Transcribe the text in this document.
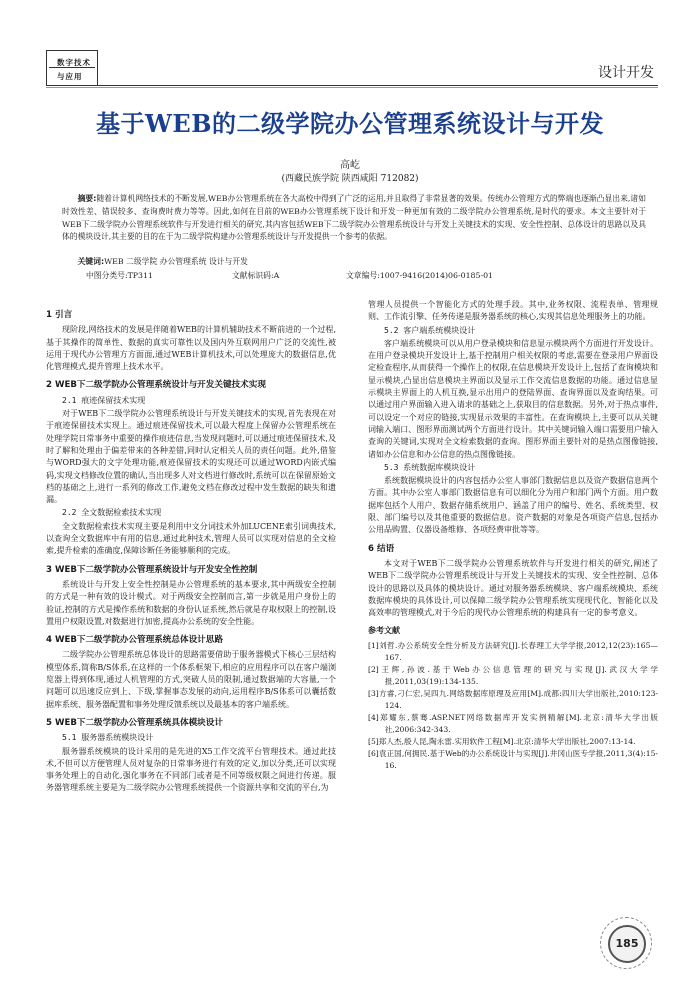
数字技术
与应用	设计开发
基于WEB的二级学院办公管理系统设计与开发
高屹
(西藏民族学院 陕西咸阳 712082)
摘要:随着计算机网络技术的不断发展,WEB办公管理系统在各大高校中得到了广泛的运用,并且取得了非常显著的效果。传统办公管理方式的弊端也逐渐凸显出来,诸如时效性差、错误较多、查询费时费力等等。因此,如何在目前的WEB办公管理系统下设计和开发一种更加有效的二级学院办公管理系统,是时代的要求。本文主要针对于WEB下二级学院办公管理系统软件与开发进行相关的研究,其内容包括WEB下二级学院办公管理系统设计与开发上关键技术的实现、安全性控制、总体设计的思路以及具体的模块设计,其主要的目的在于为二级学院构建办公管理系统设计与开发提供一个参考的依据。
关键词:WEB 二级学院 办公管理系统 设计与开发
中图分类号:TP311	文献标识码:A	文章编号:1007-9416(2014)06-0185-01
1 引言

现阶段,网络技术的发展是伴随着WEB的计算机辅助技术不断前进的一个过程,基于其操作的简单性、数据的真实可靠性以及国内外互联网用户广泛的交流性,被运用于现代办公管理方方面面,通过WEB计算机技术,可以处理庞大的数据信息,优化管理模式,提升管理上技术水平。

2 WEB下二级学院办公管理系统设计与开发关键技术实现
2.1 痕迹保留技术实现

对于WEB下二级学院办公管理系统设计与开发关键技术的实现,首先表现在对于痕迹保留技术实现上。通过痕迹保留技术,可以最大程度上保留办公管理系统在处理学院日常事务中重要的操作痕迹信息,当发现问题时,可以通过痕迹保留技术,及时了解和处理由于偏差带来的各种差错,同时认定相关人员的责任问题。此外,借鉴与WORD强大的文字处理功能,痕迹保留技术的实现还可以通过WORD内嵌式编码,实现文档修改位置的确认,当出现多人对文档进行修改时,系统可以在保留原始文档的基础之上,进行一系列的修改工作,避免文档在修改过程中发生数据的缺失和遗漏。

2.2 全文数据检索技术实现

全文数据检索技术实现主要是利用中文分词技术外加LUCENE索引词典技术,以查询全文数据库中有用的信息,通过此种技术,管理人员可以实现对信息的全文检索,提升检索的准确度,保障诊断任务能够顺利的完成。

3 WEB下二级学院办公管理系统设计与开发安全性控制

系统设计与开发上安全性控制是办公管理系统的基本要求,其中两级安全控制的方式是一种有效的设计模式。对于两级安全控制而言,第一步就是用户身份上的验证,控制的方式是操作系统和数据的身份认证系统,然后就是存取权限上的控制,设置用户权限设置,对数据进行加密,提高办公系统的安全性能。

4 WEB下二级学院办公管理系统总体设计思路

二级学院办公管理系统总体设计的思路需要借助于服务器模式下核心三层结构模型体系,简称B/S体系,在这样的一个体系框架下,相应的应用程序可以在客户端浏览器上得到体现,通过人机管理的方式,突破人员的限制,通过数据端的大容量,一个问题可以迅速反应到上、下级,掌握事态发展的动向,运用程序B/S体系可以囊括数据库系统、服务器配置和事务处理反馈系统以及最基本的客户端系统。

5 WEB下二级学院办公管理系统具体模块设计
5.1 服务器系统模块设计

服务器系统模块的设计采用的是先进的X5工作交流平台管理技术。通过此技术,不但可以方便管理人员对复杂的日常事务进行有效的定义,加以分类,还可以实现事务处理上的自动化,强化事务在不同部门或者是不同等级权限之间进行传递。服务器管理系统主要是为二级学院办公管理系统提供一个资源共享和交流的平台,为

管理人员提供一个智能化方式的处理手段。其中,业务权限、流程表单、管理规则、工作流引擎、任务传递是服务器系统的核心,实现其信息处理服务上的功能。

5.2 客户端系统模块设计

客户端系统模块可以从用户登录模块和信息显示模块两个方面进行开发设计。在用户登录模块开发设计上,基于控制用户相关权限的考虑,需要在登录用户界面设定检查程序,从而获得一个操作上的权限,在信息模块开发设计上,包括了查询模块和显示模块,凸显出信息模块主界面以及显示工作交流信息数据的功能。通过信息显示模块主界面上的人机互换,显示出用户的登陆界面、查询界面以及查询结果。可以通过用户界面输入进入请求的基础之上,获取目的信息数据。另外,对于热点事件,可以设定一个对应的链接,实现显示效果的丰富性。在查询模块上,主要可以从关键词输入端口、图形界面测试两个方面进行设计。其中关键词输入端口需要用户输入查询的关键词,实现对全文检索数据的查询。图形界面主要针对的是热点图像链接,诸如办公信息和办公信息的热点图像链接。

5.3 系统数据库模块设计

系统数据模块设计的内容包括办公室人事部门数据信息以及资产数据信息两个方面。其中办公室人事部门数据信息有可以细化分为用户和部门两个方面。用户数据库包括个人用户、数据存储系统用户、涵盖了用户的编号、姓名、系统类型、权限、部门编号以及其他重要的数据信息。资产数据的对象是各项资产信息,包括办公用品购置、仪器设备维修、各项经费审批等等。

6 结语

本文对于WEB下二级学院办公管理系统软件与开发进行相关的研究,阐述了WEB下二级学院办公管理系统设计与开发上关键技术的实现、安全性控制、总体设计的思路以及具体的模块设计。通过对服务器系统模块、客户端系统模块、系统数据库模块的具体设计,可以保障二级学院办公管理系统实现现代化、智能化以及高效率的管理模式,对于今后的现代办公管理系统的构建具有一定的参考意义。

参考文献

[1]刘哲.办公系统安全性分析及方法研究[J].长春理工大学学报,2012,12(23):165—167.

[2]王辉,孙波.基于Web办公信息管理的研究与实现[J].武汉大学学报,2011,03(19):134-135.

[3]方睿,刁仁宏,吴四九.网络数据库原理及应用[M].成都:四川大学出版社,2010:123-124.

[4]郑耀东,蔡骞.ASP.NET网络数据库开发实例精解[M].北京:清华大学出版社,2006:342-343.

[5]郑人杰,殷人昆,陶永雷.实用软件工程[M].北京:清华大学出版社,2007:13-14.

[6]袁正国,何拥民.基于Web的办公系统设计与实现[J].井冈山医专学报,2011,3(4):15-16.

185
